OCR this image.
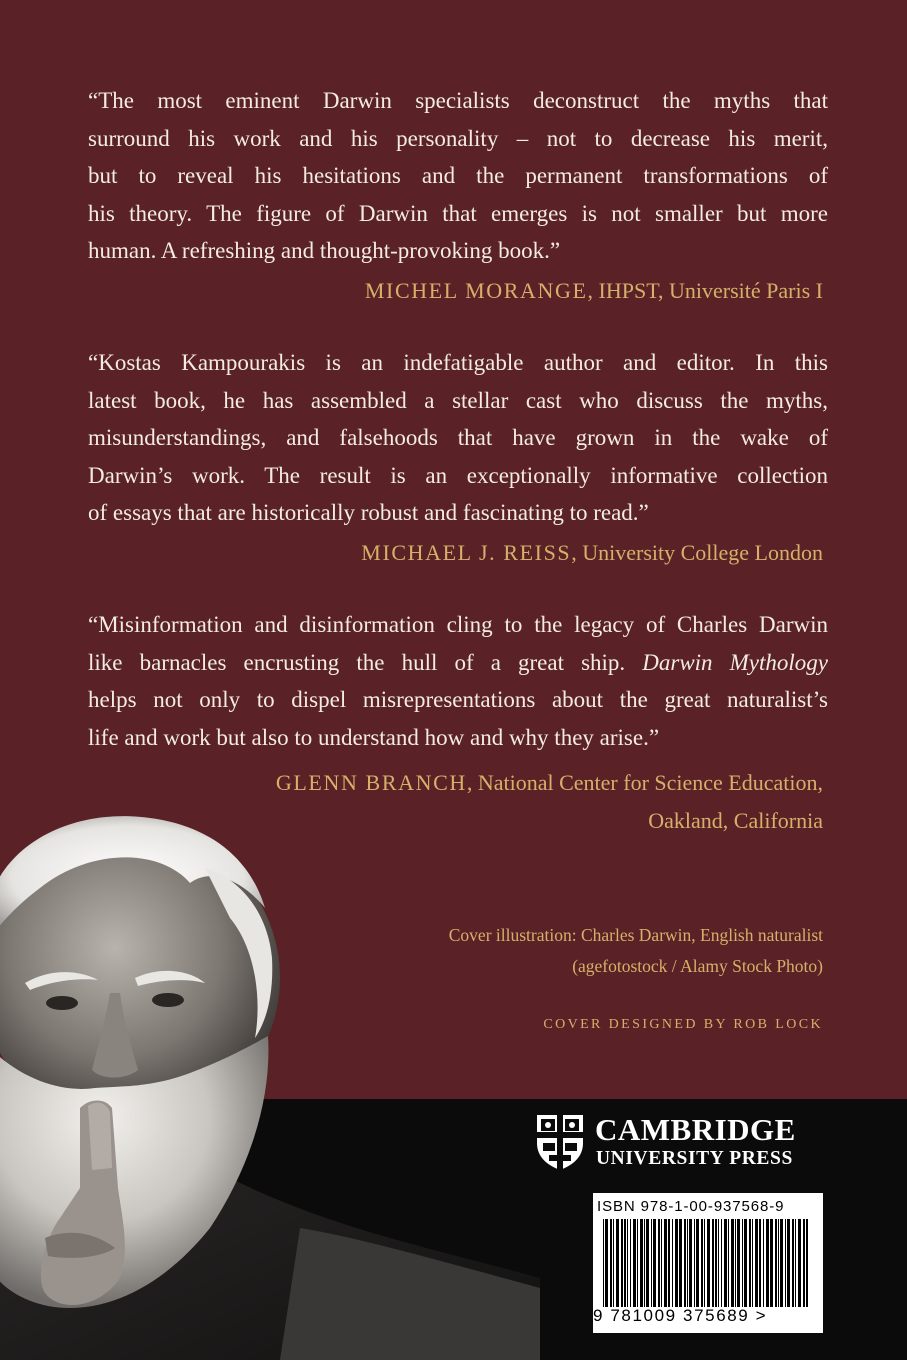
“The most eminent Darwin specialists deconstruct the myths that
surround his work and his personality – not to decrease his merit,
but to reveal his hesitations and the permanent transformations of
his theory. The figure of Darwin that emerges is not smaller but more
human. A refreshing and thought-provoking book.”
MICHEL MORANGE, IHPST, Université Paris I
“Kostas Kampourakis is an indefatigable author and editor. In this
latest book, he has assembled a stellar cast who discuss the myths,
misunderstandings, and falsehoods that have grown in the wake of
Darwin’s work. The result is an exceptionally informative collection
of essays that are historically robust and fascinating to read.”
MICHAEL J. REISS, University College London
“Misinformation and disinformation cling to the legacy of Charles Darwin
like barnacles encrusting the hull of a great ship. Darwin Mythology
helps not only to dispel misrepresentations about the great naturalist’s
life and work but also to understand how and why they arise.”
GLENN BRANCH, National Center for Science Education,
Oakland, California
Cover illustration: Charles Darwin, English naturalist
(agefotostock / Alamy Stock Photo)
COVER DESIGNED BY ROB LOCK
CAMBRIDGE
UNIVERSITY PRESS
ISBN 978-1-00-937568-9
9 781009 375689 >
